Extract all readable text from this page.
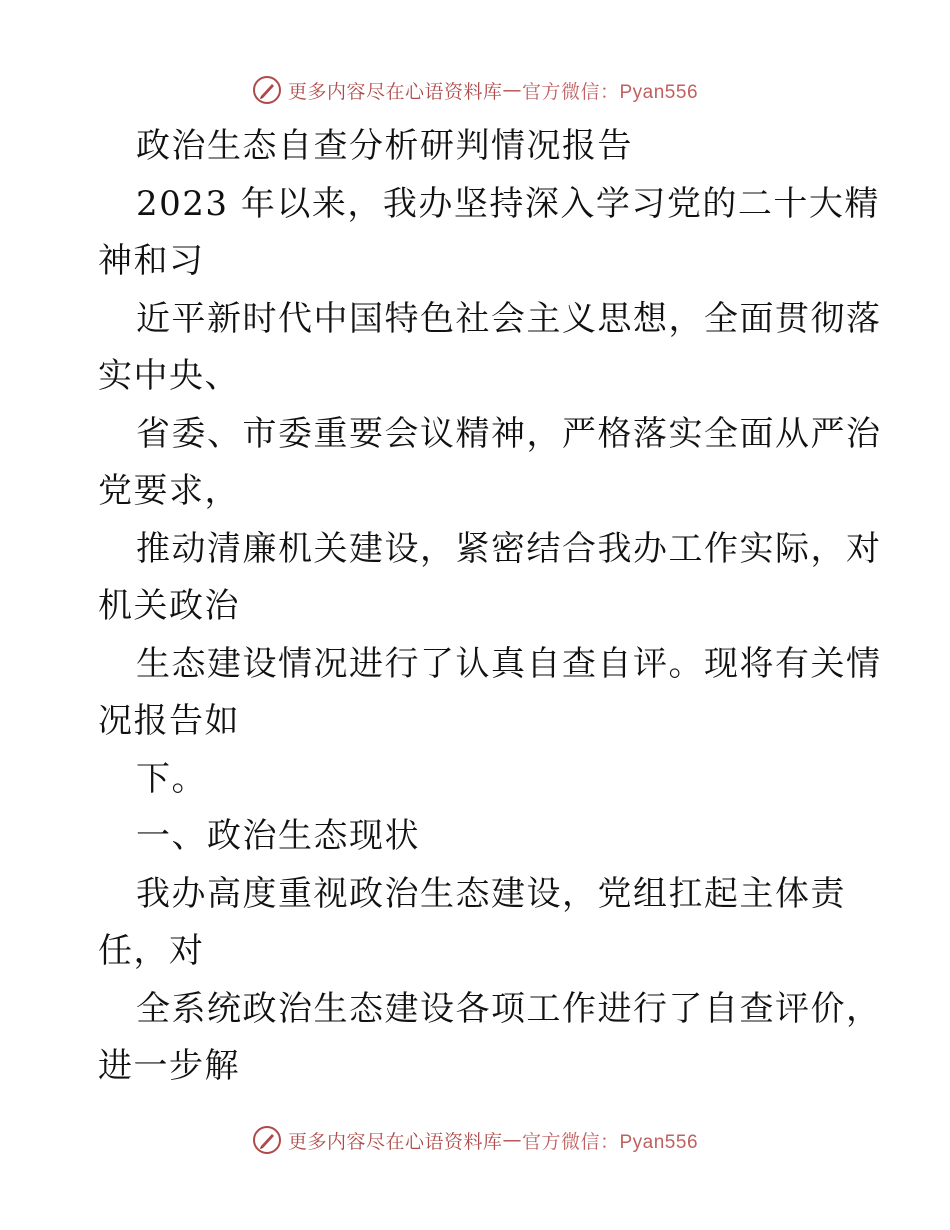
更多内容尽在心语资料库 — 官方微信：Pyan556
政治生态自查分析研判情况报告
2023 年以来，我办坚持深入学习党的二十大精
神和习
近平新时代中国特色社会主义思想，全面贯彻落
实中央、
省委、市委重要会议精神，严格落实全面从严治
党要求，
推动清廉机关建设，紧密结合我办工作实际，对
机关政治
生态建设情况进行了认真自查自评。现将有关情
况报告如
下。
一、政治生态现状
我办高度重视政治生态建设，党组扛起主体责
任，对
全系统政治生态建设各项工作进行了自查评价，
进一步解
更多内容尽在心语资料库 — 官方微信：Pyan556
